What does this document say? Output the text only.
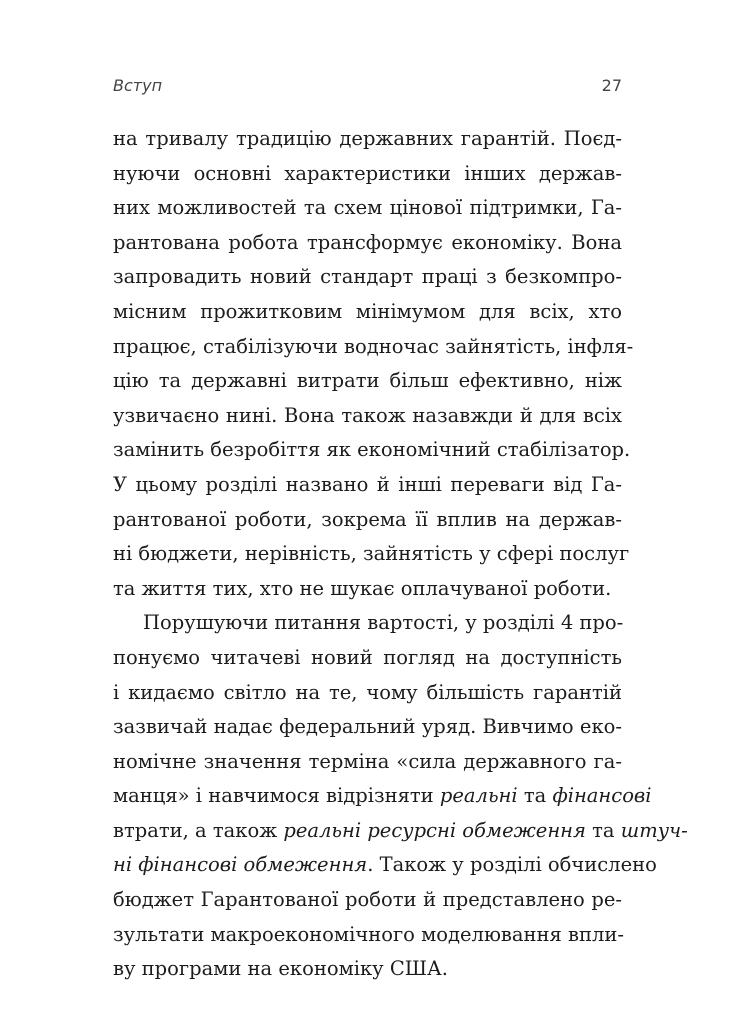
Вступ	27
на тривалу традицію державних гарантій. Поєд-
нуючи основні характеристики інших держав-
них можливостей та схем цінової підтримки, Га-
рантована робота трансформує економіку. Вона
запровадить новий стандарт праці з безкомпро-
місним прожитковим мінімумом для всіх, хто
працює, стабілізуючи водночас зайнятість, інфля-
цію та державні витрати більш ефективно, ніж
узвичаєно нині. Вона також назавжди й для всіх
замінить безробіття як економічний стабілізатор.
У цьому розділі названо й інші переваги від Га-
рантованої роботи, зокрема її вплив на держав-
ні бюджети, нерівність, зайнятість у сфері послуг
та життя тих, хто не шукає оплачуваної роботи.
Порушуючи питання вартості, у розділі 4 про-
понуємо читачеві новий погляд на доступність
і кидаємо світло на те, чому більшість гарантій
зазвичай надає федеральний уряд. Вивчимо еко-
номічне значення терміна «сила державного га-
манця» і навчимося відрізняти реальні та фінансові
втрати, а також реальні ресурсні обмеження та штуч-
ні фінансові обмеження. Також у розділі обчислено
бюджет Гарантованої роботи й представлено ре-
зультати макроекономічного моделювання впли-
ву програми на економіку США.
